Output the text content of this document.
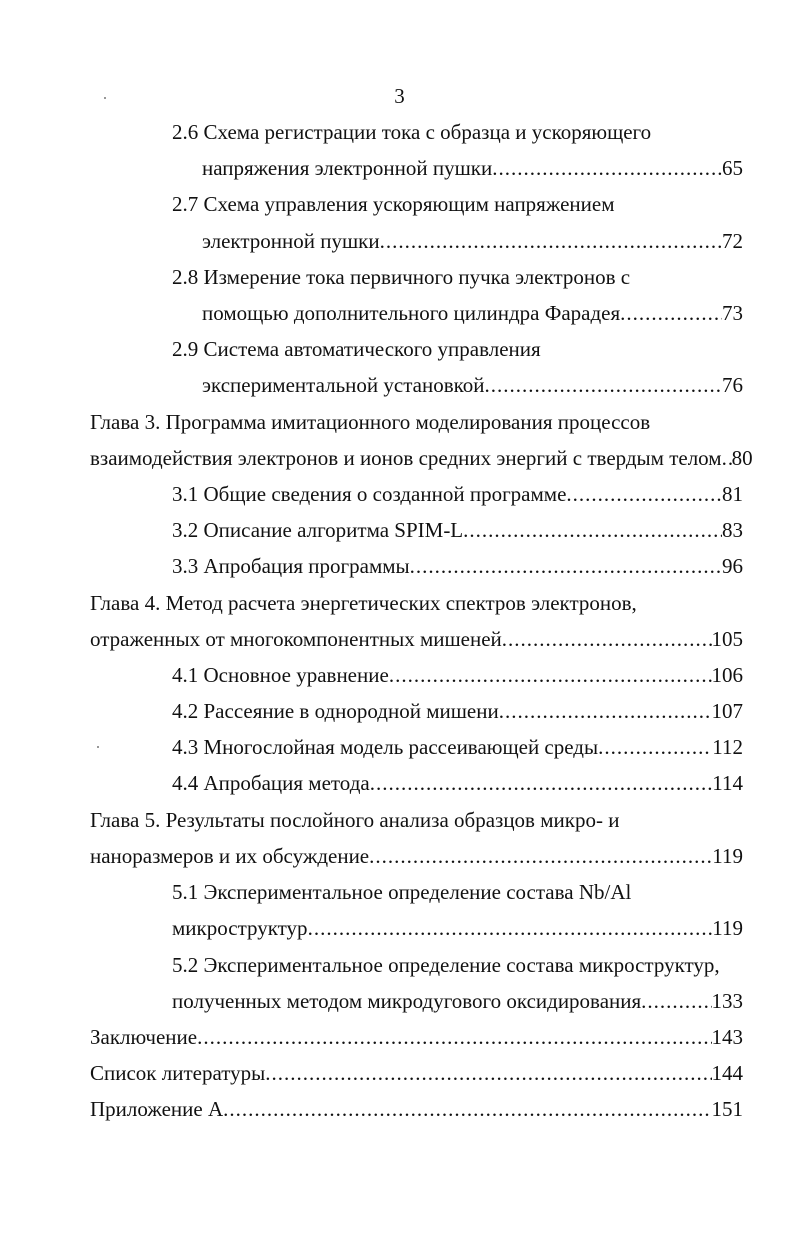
3
2.6 Схема регистрации тока с образца и ускоряющего
напряжения электронной пушки .....	65
2.7 Схема управления ускоряющим напряжением
электронной пушки .....	72
2.8 Измерение тока первичного пучка электронов с
помощью дополнительного цилиндра Фарадея .....	73
2.9 Система автоматического управления
экспериментальной установкой .....	76
Глава 3. Программа имитационного моделирования процессов
взаимодействия электронов и ионов средних энергий с твердым телом ..... 80
3.1 Общие сведения о созданной программе .....	81
3.2 Описание алгоритма SPIM-L .....	83
3.3 Апробация программы .....	96
Глава 4. Метод расчета энергетических спектров электронов,
отраженных от многокомпонентных мишеней .....	105
4.1 Основное уравнение .....	106
4.2 Рассеяние в однородной мишени .....	107
4.3 Многослойная модель рассеивающей среды .....	112
4.4 Апробация метода .....	114
Глава 5. Результаты послойного анализа образцов микро- и
наноразмеров и их обсуждение .....	119
5.1 Экспериментальное определение состава Nb/Al
микроструктур .....	119
5.2 Экспериментальное определение состава микроструктур,
полученных методом микродугового оксидирования .....	133
Заключение .....	143
Список литературы .....	144
Приложение А .....	151
